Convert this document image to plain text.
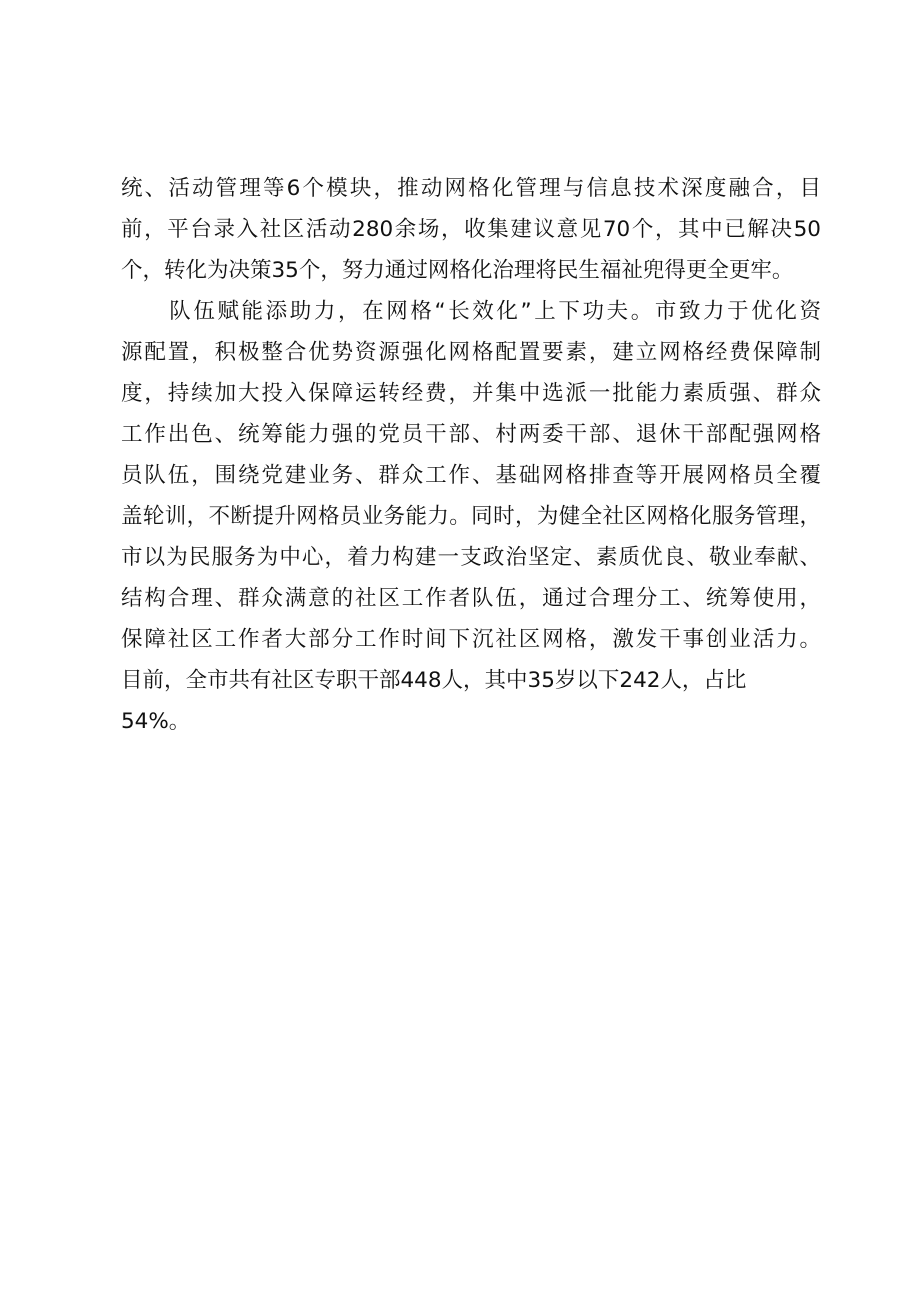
统、活动管理等6个模块，推动网格化管理与信息技术深度融合，目
前，平台录入社区活动280余场，收集建议意见70个，其中已解决50
个，转化为决策35个，努力通过网格化治理将民生福祉兜得更全更牢。
　　队伍赋能添助力，在网格“长效化”上下功夫。市致力于优化资
源配置，积极整合优势资源强化网格配置要素，建立网格经费保障制
度，持续加大投入保障运转经费，并集中选派一批能力素质强、群众
工作出色、统筹能力强的党员干部、村两委干部、退休干部配强网格
员队伍，围绕党建业务、群众工作、基础网格排查等开展网格员全覆
盖轮训，不断提升网格员业务能力。同时，为健全社区网格化服务管理，
市以为民服务为中心，着力构建一支政治坚定、素质优良、敬业奉献、
结构合理、群众满意的社区工作者队伍，通过合理分工、统筹使用，
保障社区工作者大部分工作时间下沉社区网格，激发干事创业活力。
目前，全市共有社区专职干部448人，其中35岁以下242人，占比
54%。
